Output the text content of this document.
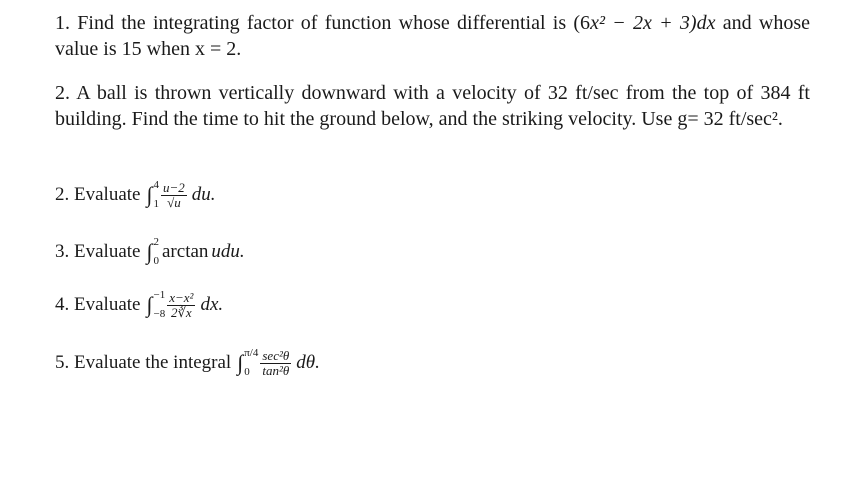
1. Find the integrating factor of function whose differential is (6x² − 2x + 3)dx and whose value is 15 when x = 2.

2. A ball is thrown vertically downward with a velocity of 32 ft/sec from the top of 384 ft building. Find the time to hit the ground below, and the striking velocity. Use g= 32 ft/sec².

2. Evaluate ∫ 4
$1 \frac{u-2}{√u}$ du.
3. Evaluate ∫ 2
0 arctan udu.
4. Evaluate ∫ −1
$-8 \frac{\text{x−x²}}{2∛x}$ dx.
5. Evaluate the integral ∫ π/4
$0 \frac{\text{sec²θ}}{\text{tan²θ}} d\theta$.
